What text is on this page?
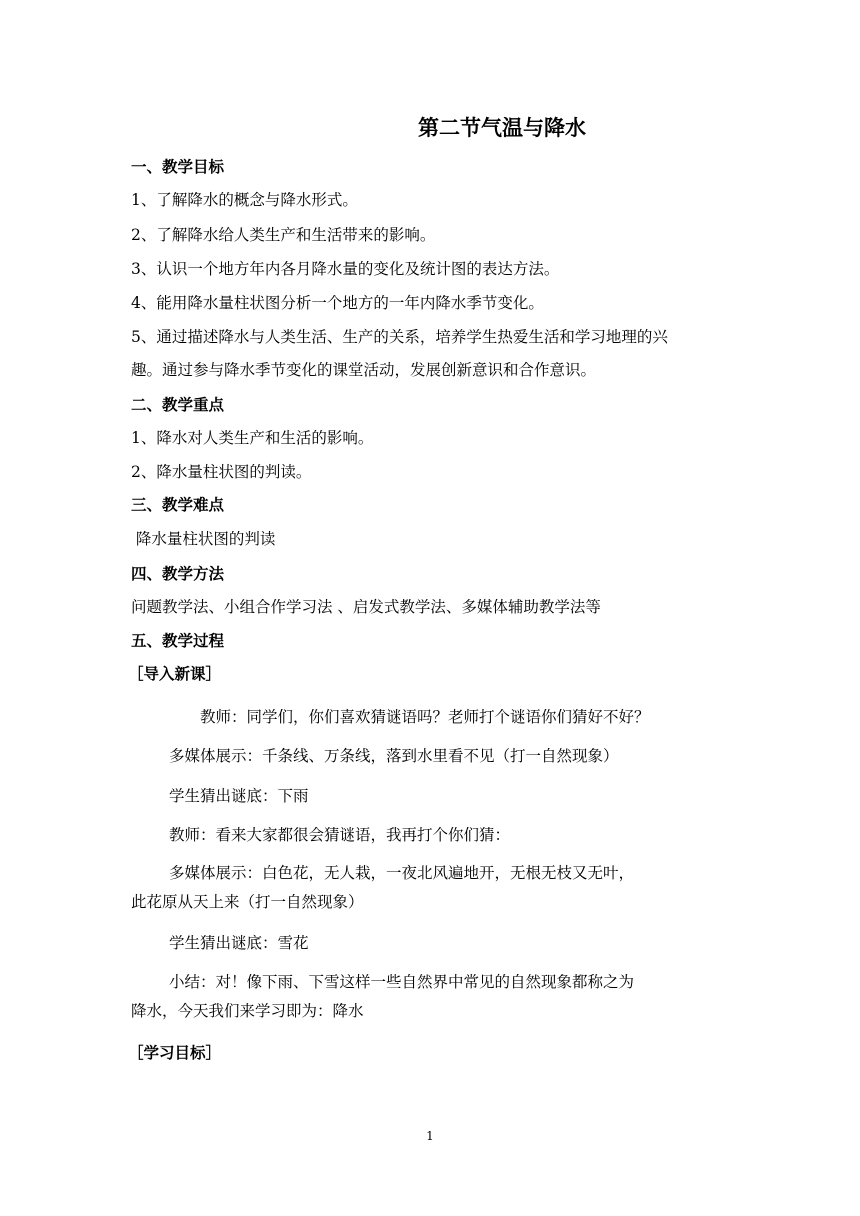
第二节气温与降水
一、教学目标
1、了解降水的概念与降水形式。
2、了解降水给人类生产和生活带来的影响。
3、认识一个地方年内各月降水量的变化及统计图的表达方法。
4、能用降水量柱状图分析一个地方的一年内降水季节变化。
5、通过描述降水与人类生活、生产的关系，培养学生热爱生活和学习地理的兴
趣。通过参与降水季节变化的课堂活动，发展创新意识和合作意识。
二、教学重点
1、降水对人类生产和生活的影响。
2、降水量柱状图的判读。
三、教学难点
降水量柱状图的判读
四、教学方法
问题教学法、小组合作学习法 、启发式教学法、多媒体辅助教学法等
五、教学过程
［导入新课］
教师：同学们，你们喜欢猜谜语吗？老师打个谜语你们猜好不好？
多媒体展示：千条线、万条线，落到水里看不见（打一自然现象）
学生猜出谜底：下雨
教师：看来大家都很会猜谜语，我再打个你们猜：
多媒体展示：白色花，无人栽，一夜北风遍地开，无根无枝又无叶，
此花原从天上来（打一自然现象）
学生猜出谜底：雪花
小结：对！像下雨、下雪这样一些自然界中常见的自然现象都称之为
降水，今天我们来学习即为：降水
［学习目标］
1
